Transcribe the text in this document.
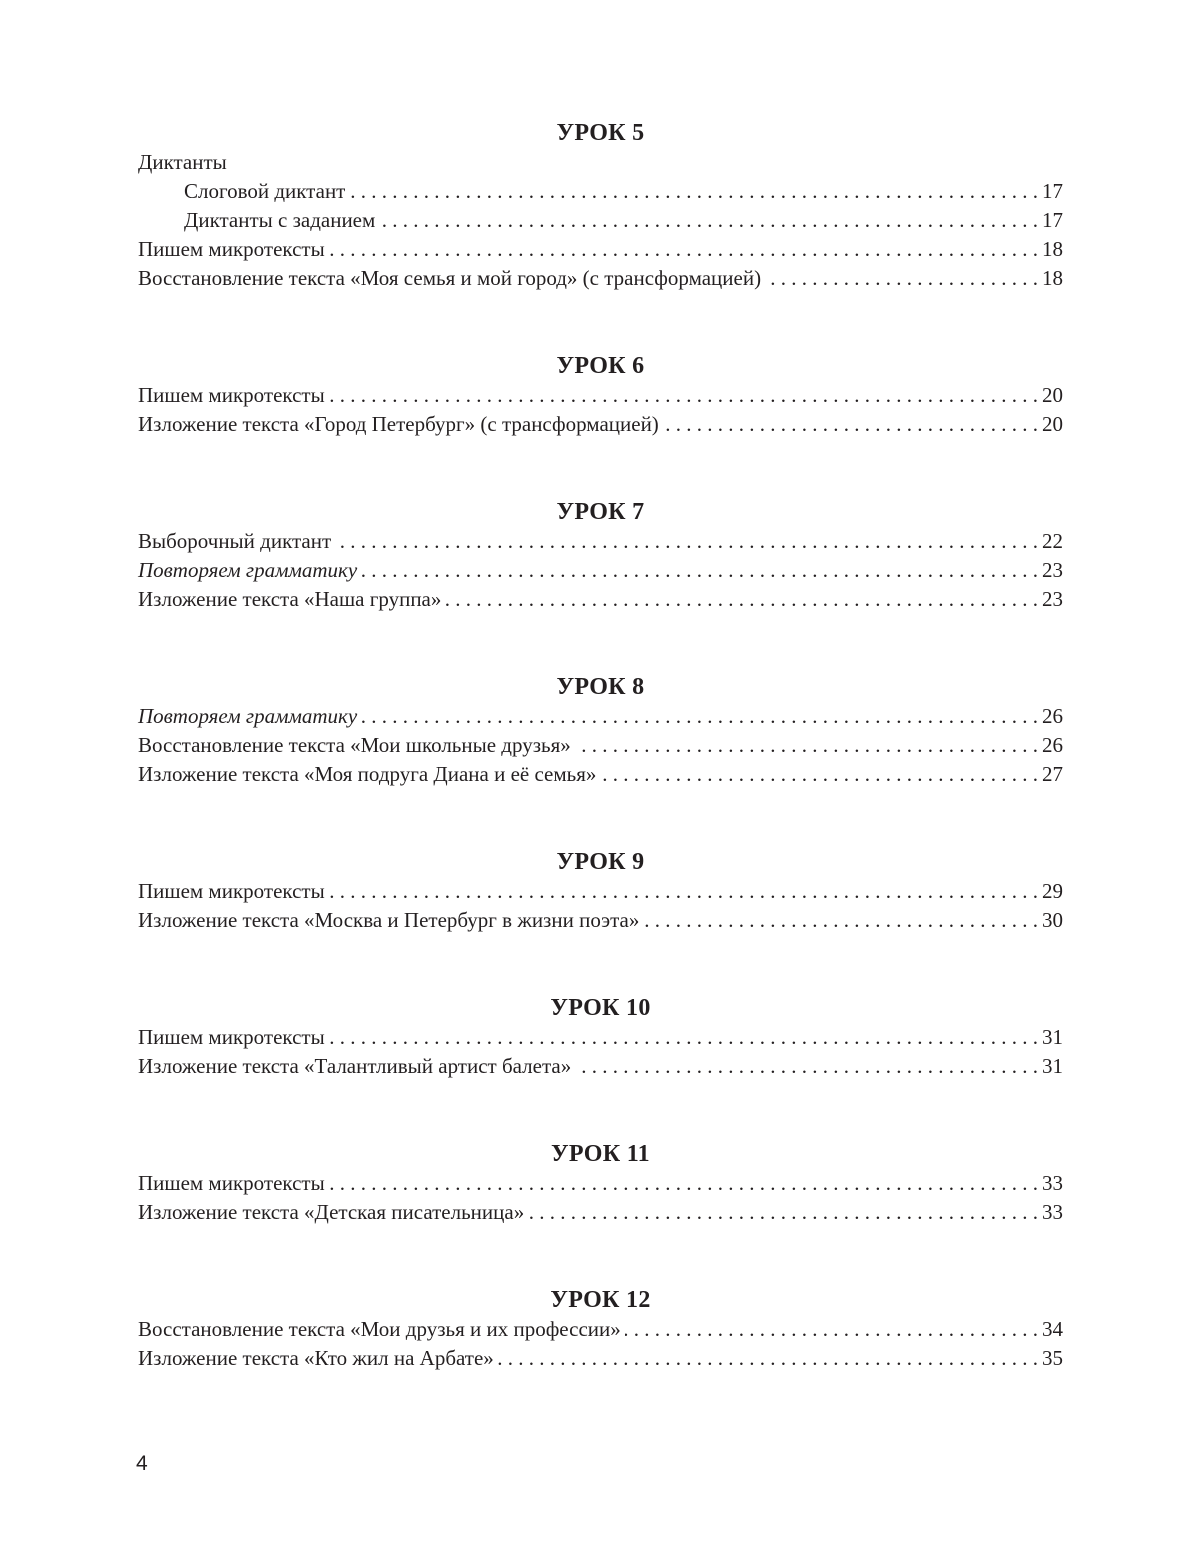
УРОК 5
Диктанты
Слоговой диктант . . .	17
Диктанты с заданием . . .	17
Пишем микротексты . . .	18
Восстановление текста «Моя семья и мой город» (с трансформацией) . . .	18
УРОК 6
Пишем микротексты . . .	20
Изложение текста «Город Петербург» (с трансформацией) . . .	20
УРОК 7
Выборочный диктант . . .	22
Повторяем грамматику . . .	23
Изложение текста «Наша группа» . . .	23
УРОК 8
Повторяем грамматику . . .	26
Восстановление текста «Мои школьные друзья» . . .	26
Изложение текста «Моя подруга Диана и её семья» . . .	27
УРОК 9
Пишем микротексты . . .	29
Изложение текста «Москва и Петербург в жизни поэта» . . .	30
УРОК 10
Пишем микротексты . . .	31
Изложение текста «Талантливый артист балета» . . .	31
УРОК 11
Пишем микротексты . . .	33
Изложение текста «Детская писательница» . . .	33
УРОК 12
Восстановление текста «Мои друзья и их профессии» . . .	34
Изложение текста «Кто жил на Арбате» . . .	35
4
